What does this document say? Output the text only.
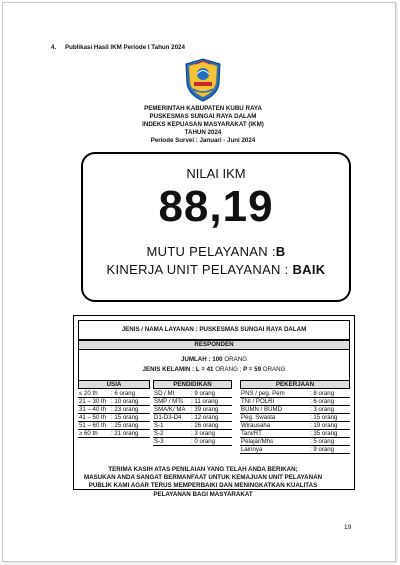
4. Publikasi Hasil IKM Periode I Tahun 2024
PEMERINTAH KABUPATEN KUBU RAYA
PUSKESMAS SUNGAI RAYA DALAM
INDEKS KEPUASAN MASYARAKAT (IKM)
TAHUN 2024
Periode Survei : Januari - Juni 2024
NILAI IKM
88,19
MUTU PELAYANAN :B
KINERJA UNIT PELAYANAN : BAIK
JENIS / NAMA LAYANAN : PUSKESMAS SUNGAI RAYA DALAM
RESPONDEN
JUMLAH : 100 ORANG
JENIS KELAMIN : L = 41 ORANG ; P = 59 ORANG
USIA	PENDIDIKAN	PEKERJAAN
≤ 20 th : 6 orang
21 – 30 th : 10 orang
31 – 40 th : 23 orang
41 – 50 th : 15 orang
51 – 60 th : 25 orang
≥ 60 th : 21 orang
SD / MI	: 9 orang
SMP / MTs : 11 orang
SMA/K/ MA : 39 orang
D1-D3-D4 : 12 orang
S-1	: 26 orang
S-2	: 3 orang
S-3	: 0 orang
PNS / peg. Pem	: 8 orang
TNI / POLRI	: 6 orang
BUMN / BUMD	: 3 orang
Peg. Swasta	: 15 orang
Wirausaha	: 19 orang
Tani/RT	: 35 orang
Pelajar/Mhs	: 5 orang
Lainnya	: 9 orang
TERIMA KASIH ATAS PENILAIAN YANG TELAH ANDA BERIKAN;
MASUKAN ANDA SANGAT BERMANFAAT UNTUK KEMAJUAN UNIT PELAYANAN
PUBLIK KAMI AGAR TERUS MEMPERBAIKI DAN MENINGKATKAN KUALITAS
PELAYANAN BAGI MASYARAKAT
19
